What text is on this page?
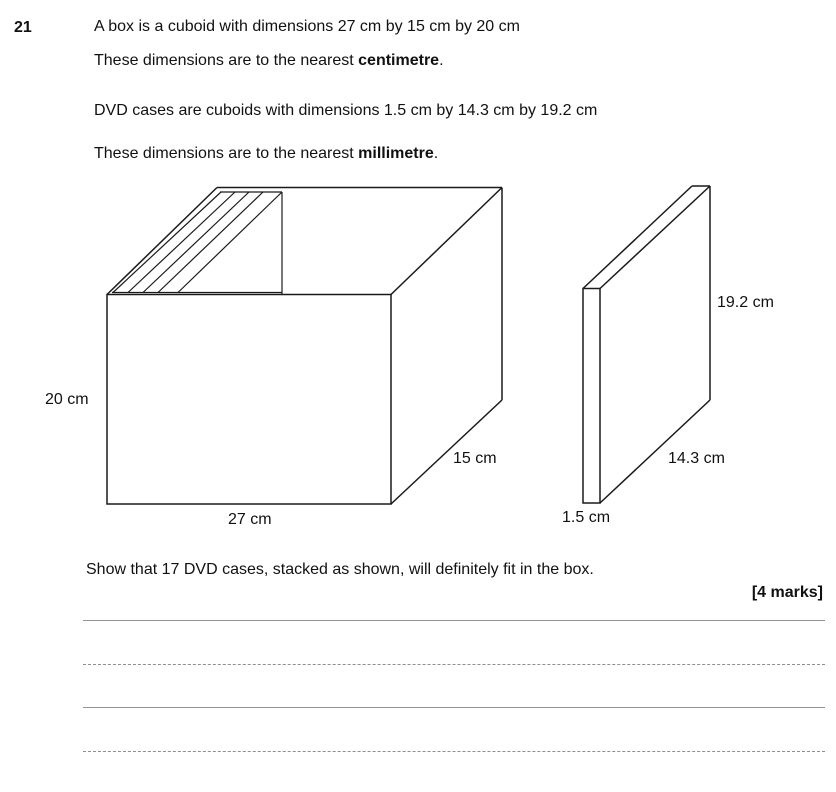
21	A box is a cuboid with dimensions 27 cm by 15 cm by 20 cm
These dimensions are to the nearest centimetre.
DVD cases are cuboids with dimensions 1.5 cm by 14.3 cm by 19.2 cm
These dimensions are to the nearest millimetre.
20 cm
27 cm
15 cm
19.2 cm
14.3 cm
1.5 cm
Show that 17 DVD cases, stacked as shown, will definitely fit in the box.
[4 marks]
